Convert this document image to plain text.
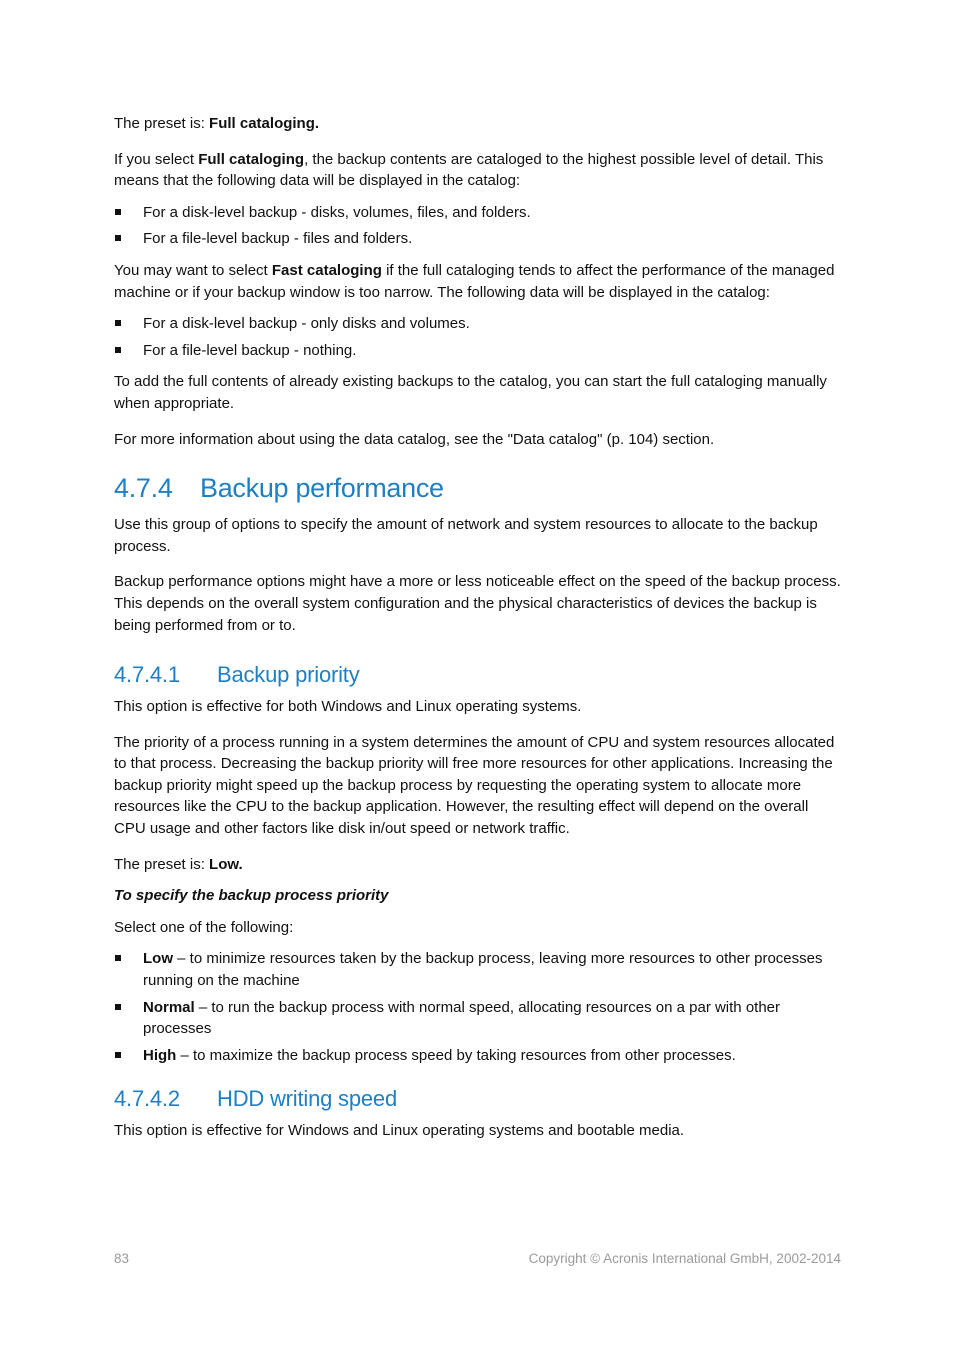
The preset is: Full cataloging.

If you select Full cataloging, the backup contents are cataloged to the highest possible level of detail. This means that the following data will be displayed in the catalog:

For a disk-level backup - disks, volumes, files, and folders.
For a file-level backup - files and folders.

You may want to select Fast cataloging if the full cataloging tends to affect the performance of the managed machine or if your backup window is too narrow. The following data will be displayed in the catalog:

For a disk-level backup - only disks and volumes.
For a file-level backup - nothing.

To add the full contents of already existing backups to the catalog, you can start the full cataloging manually when appropriate.

For more information about using the data catalog, see the "Data catalog" (p. 104) section.

4.7.4 Backup performance

Use this group of options to specify the amount of network and system resources to allocate to the backup process.

Backup performance options might have a more or less noticeable effect on the speed of the backup process. This depends on the overall system configuration and the physical characteristics of devices the backup is being performed from or to.

4.7.4.1 Backup priority

This option is effective for both Windows and Linux operating systems.

The priority of a process running in a system determines the amount of CPU and system resources allocated to that process. Decreasing the backup priority will free more resources for other applications. Increasing the backup priority might speed up the backup process by requesting the operating system to allocate more resources like the CPU to the backup application. However, the resulting effect will depend on the overall CPU usage and other factors like disk in/out speed or network traffic.

The preset is: Low.

To specify the backup process priority

Select one of the following:

Low – to minimize resources taken by the backup process, leaving more resources to other processes running on the machine
Normal – to run the backup process with normal speed, allocating resources on a par with other processes
High – to maximize the backup process speed by taking resources from other processes.
4.7.4.2 HDD writing speed

This option is effective for Windows and Linux operating systems and bootable media.

83	Copyright © Acronis International GmbH, 2002-2014
